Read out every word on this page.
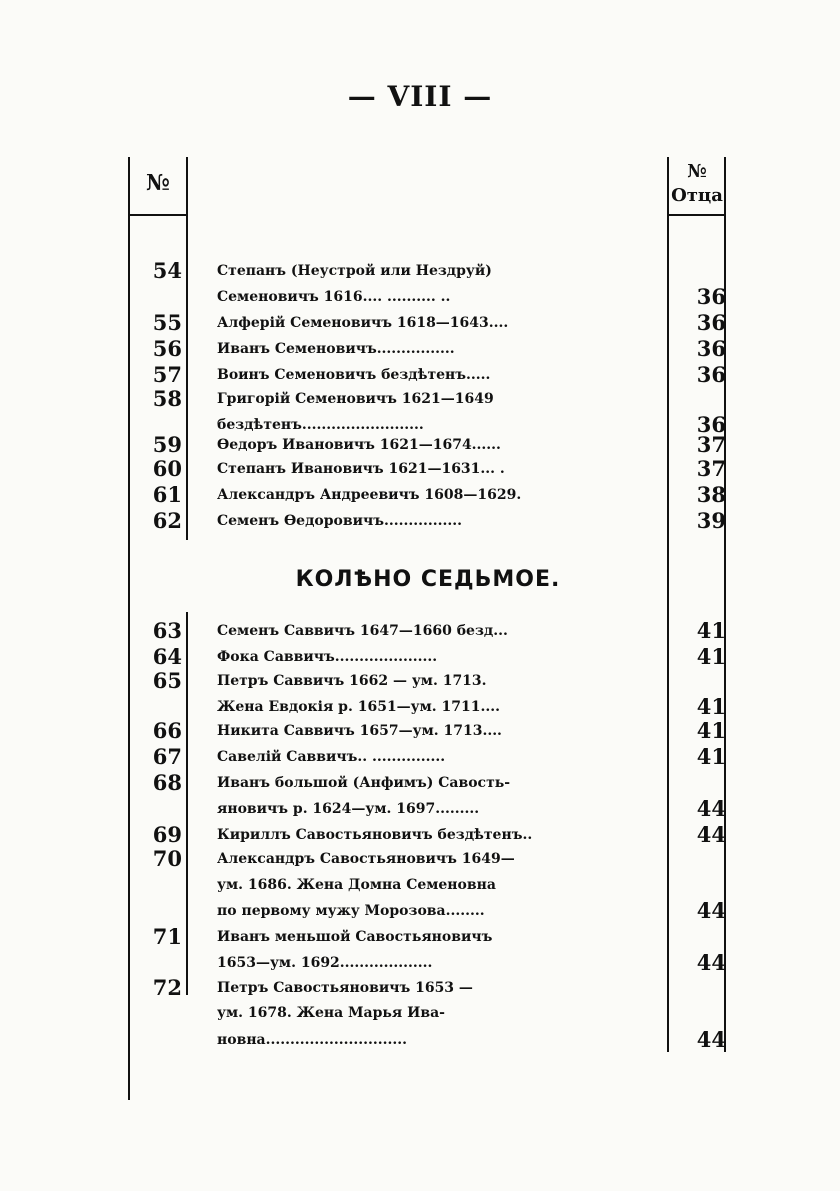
— VIII —
№	№
Отца
КОЛѢНО СЕДЬМОЕ.
54	Степанъ (Неустрой или Нездруй)
Семеновичъ 1616.... .......... ..	36
55	Алферій Семеновичъ 1618—1643....	36
56	Иванъ Семеновичъ................	36
57	Воинъ Семеновичъ бездѣтенъ.....	36
58	Григорій Семеновичъ 1621—1649
бездѣтенъ.........................	36
59	Ѳедоръ Ивановичъ 1621—1674......	37
60	Степанъ Ивановичъ 1621—1631... .	37
61	Александръ Андреевичъ 1608—1629.	38
62	Семенъ Ѳедоровичъ................	39
63	Семенъ Саввичъ 1647—1660 безд...	41
64	Фока Саввичъ.....................	41
65	Петръ Саввичъ 1662 — ум. 1713.
Жена Евдокія р. 1651—ум. 1711....	41
66	Никита Саввичъ 1657—ум. 1713....	41
67	Савелій Саввичъ.. ...............	41
68	Иванъ большой (Анфимъ) Савость-
яновичъ р. 1624—ум. 1697.........	44
69	Кириллъ Савостьяновичъ бездѣтенъ..	44
70	Александръ Савостьяновичъ 1649—
ум. 1686. Жена Домна Семеновна
по первому мужу Морозова........	44
71	Иванъ меньшой Савостьяновичъ
1653—ум. 1692...................	44
72	Петръ Савостьяновичъ 1653 —
ум. 1678. Жена Марья Ива-
новна.............................	44
